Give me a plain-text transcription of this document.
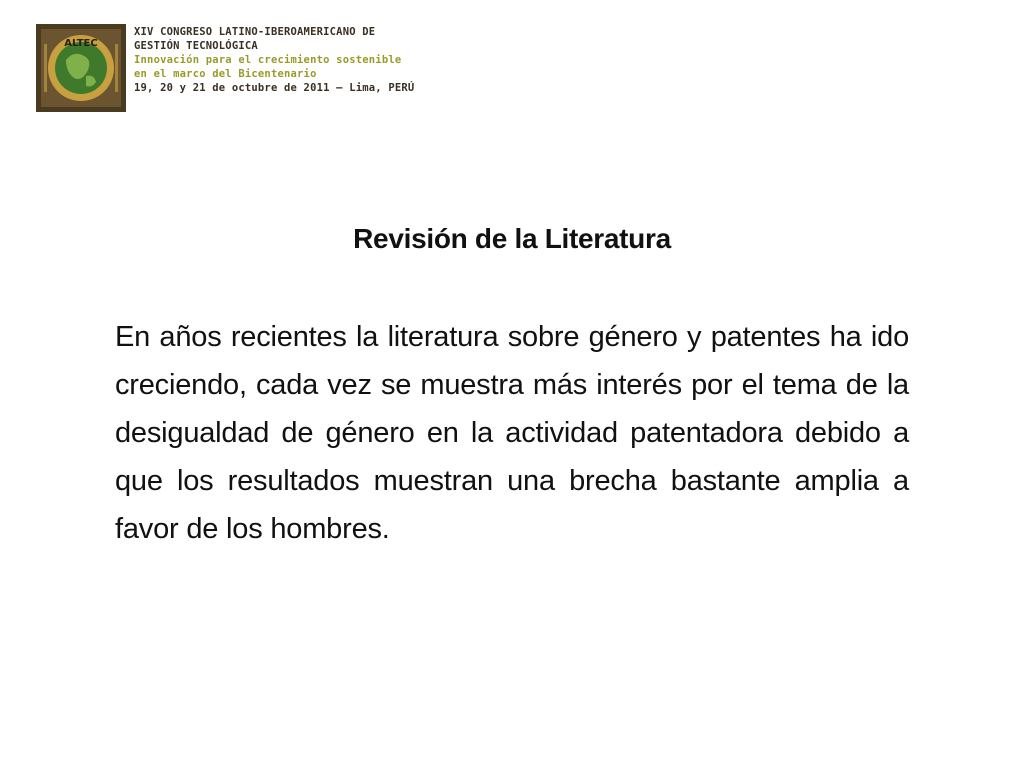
ALTEC
XIV CONGRESO LATINO-IBEROAMERICANO DE
GESTIÓN TECNOLÓGICA
Innovación para el crecimiento sostenible
en el marco del Bicentenario
19, 20 y 21 de octubre de 2011 – Lima, PERÚ
Revisión de la Literatura

En años recientes la literatura sobre género y patentes ha ido creciendo, cada vez se muestra más interés por el tema de la desigualdad de género en la actividad patentadora debido a que los resultados muestran una brecha bastante amplia a favor de los hombres.
